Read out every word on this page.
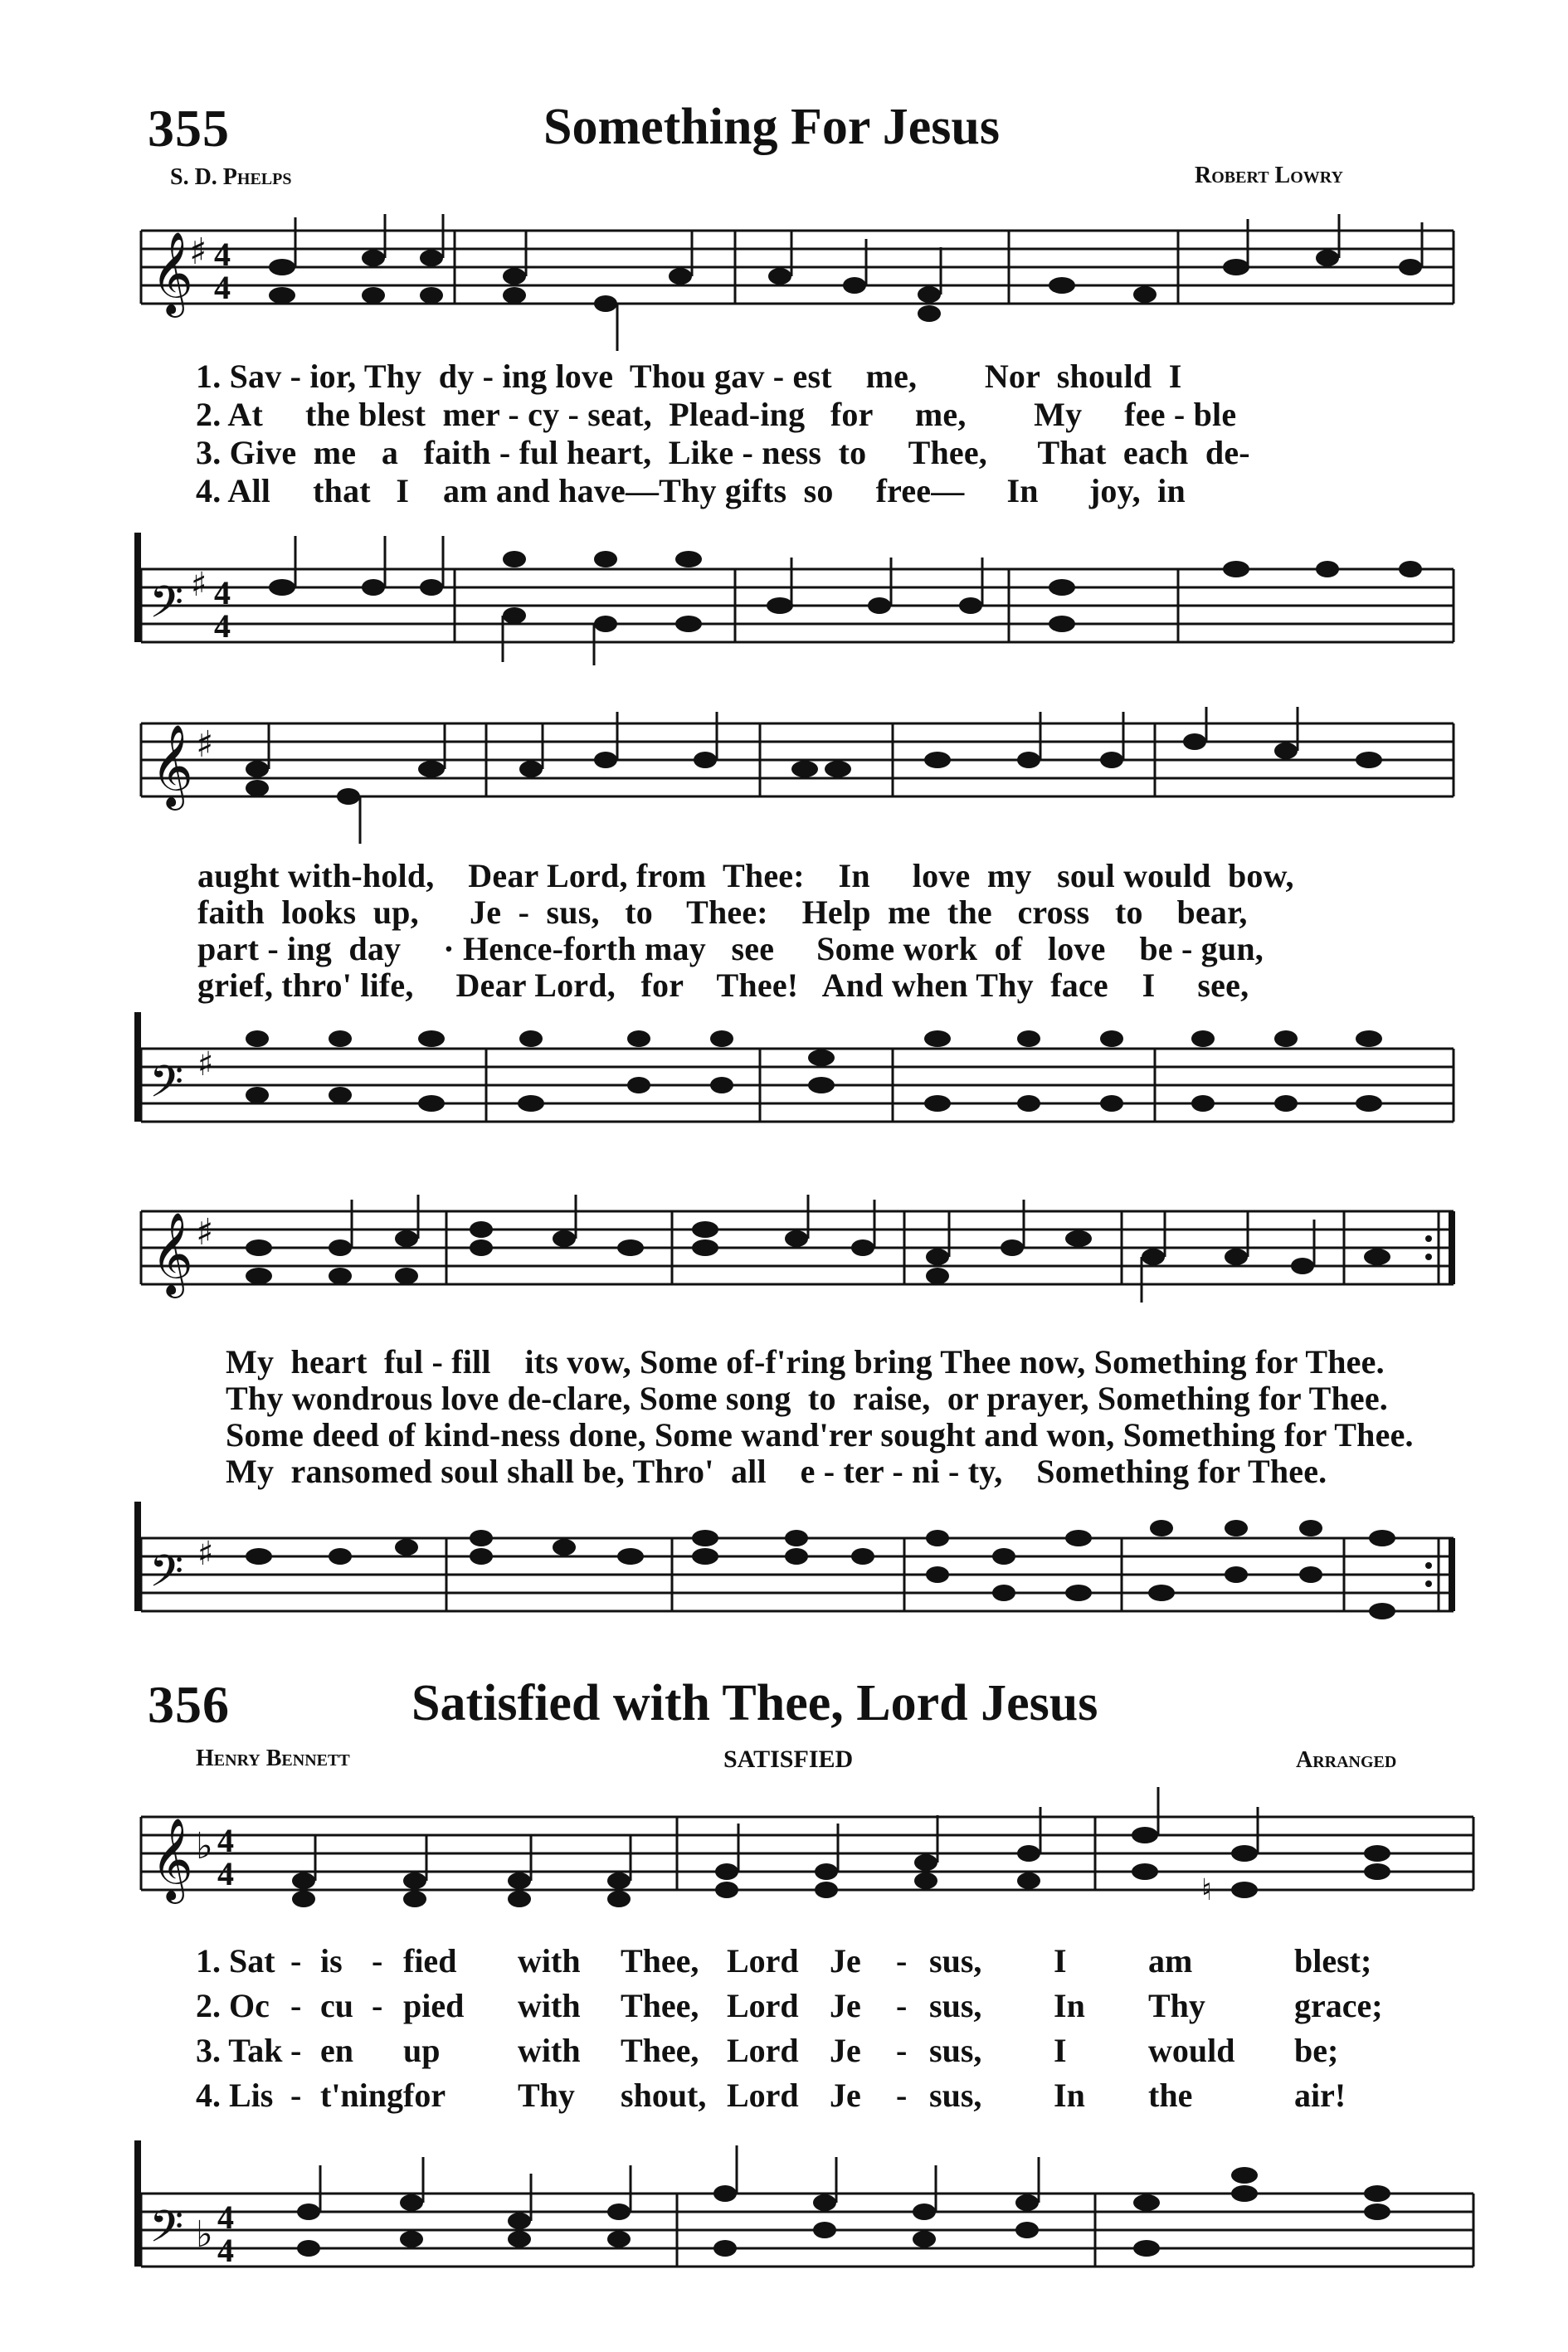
355	Something For Jesus
S. D. Phelps	Robert Lowry
𝄞
♯ 4
4
1. Sav - ior, Thy  dy - ing love  Thou gav - est    me,        Nor  should  I
2. At     the blest  mer - cy - seat,  Plead-ing   for     me,        My     fee - ble
3. Give  me   a   faith - ful heart,  Like - ness  to     Thee,      That  each  de-
4. All     that   I    am and have—Thy gifts  so     free—     In      joy,  in
𝄢 ♯ 4
4
𝄞 ♯
aught with-hold,    Dear Lord, from  Thee:    In     love  my   soul would  bow,
faith  looks  up,      Je  -  sus,   to    Thee:    Help  me  the   cross   to    bear,
part - ing  day     · Hence-forth may   see     Some work  of   love    be - gun,
grief, thro' life,     Dear Lord,   for    Thee!   And when Thy  face    I     see,
𝄢 ♯
𝄞 ♯
My  heart  ful - fill    its vow, Some of-f'ring bring Thee now, Something for Thee.
Thy wondrous love de-clare, Some song  to  raise,  or prayer, Something for Thee.
Some deed of kind-ness done, Some wand'rer sought and won, Something for Thee.
My  ransomed soul shall be, Thro'  all    e - ter - ni - ty,    Something for Thee.
𝄢 ♯
356	Satisfied with Thee, Lord Jesus
Henry Bennett	SATISFIED	Arranged
𝄞 ♭ 4
4	♮
1. Sat - is - fied with Thee, Lord Je - sus, I am	blest;
2. Oc - cu - pied with Thee, Lord Je - sus, In Thy	grace;
3. Tak - en up with Thee, Lord Je - sus, I would be;
4. Lis - t'ning for Thy shout, Lord Je - sus, In the	air!
𝄢 ♭ 4
4
